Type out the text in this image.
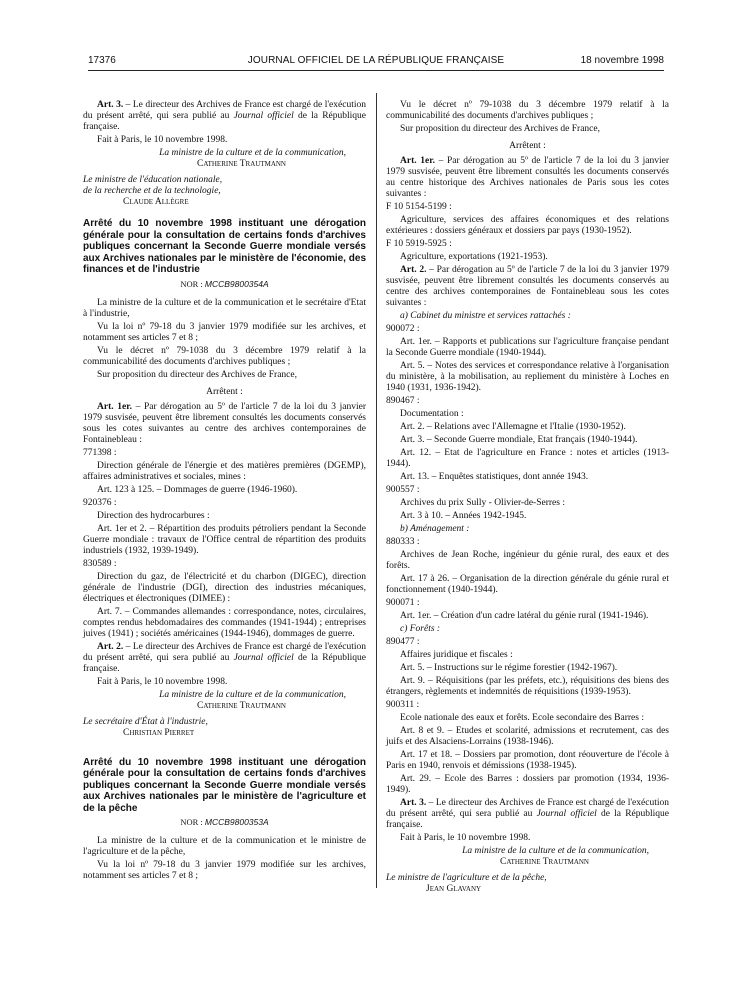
17376	JOURNAL OFFICIEL DE LA RÉPUBLIQUE FRANÇAISE	18 novembre 1998

Art. 3. – Le directeur des Archives de France est chargé de l'exécution du présent arrêté, qui sera publié au Journal officiel de la République française.

Fait à Paris, le 10 novembre 1998.

La ministre de la culture et de la communication,

Catherine Trautmann

Le ministre de l'éducation nationale,

de la recherche et de la technologie,

Claude Allègre

Arrêté du 10 novembre 1998 instituant une dérogation générale pour la consultation de certains fonds d'archives publiques concernant la Seconde Guerre mondiale versés aux Archives nationales par le ministère de l'économie, des finances et de l'industrie
NOR : MCCB9800354A

La ministre de la culture et de la communication et le secrétaire d'Etat à l'industrie,

Vu la loi nº 79-18 du 3 janvier 1979 modifiée sur les archives, et notamment ses articles 7 et 8 ;

Vu le décret nº 79-1038 du 3 décembre 1979 relatif à la communicabilité des documents d'archives publiques ;

Sur proposition du directeur des Archives de France,

Arrêtent :

Art. 1er. – Par dérogation au 5º de l'article 7 de la loi du 3 janvier 1979 susvisée, peuvent être librement consultés les documents conservés sous les cotes suivantes au centre des archives contemporaines de Fontainebleau :

771398 :

Direction générale de l'énergie et des matières premières (DGEMP), affaires administratives et sociales, mines :

Art. 123 à 125. – Dommages de guerre (1946-1960).

920376 :

Direction des hydrocarbures :

Art. 1er et 2. – Répartition des produits pétroliers pendant la Seconde Guerre mondiale : travaux de l'Office central de répartition des produits industriels (1932, 1939-1949).

830589 :

Direction du gaz, de l'électricité et du charbon (DIGEC), direction générale de l'industrie (DGI), direction des industries mécaniques, électriques et électroniques (DIMEE) :

Art. 7. – Commandes allemandes : correspondance, notes, circulaires, comptes rendus hebdomadaires des commandes (1941-1944) ; entreprises juives (1941) ; sociétés américaines (1944-1946), dommages de guerre.

Art. 2. – Le directeur des Archives de France est chargé de l'exécution du présent arrêté, qui sera publié au Journal officiel de la République française.

Fait à Paris, le 10 novembre 1998.

La ministre de la culture et de la communication,

Catherine Trautmann

Le secrétaire d'État à l'industrie,

Christian Pierret

Arrêté du 10 novembre 1998 instituant une dérogation générale pour la consultation de certains fonds d'archives publiques concernant la Seconde Guerre mondiale versés aux Archives nationales par le ministère de l'agriculture et de la pêche
NOR : MCCB9800353A

La ministre de la culture et de la communication et le ministre de l'agriculture et de la pêche,

Vu la loi nº 79-18 du 3 janvier 1979 modifiée sur les archives, notamment ses articles 7 et 8 ;

Vu le décret nº 79-1038 du 3 décembre 1979 relatif à la communicabilité des documents d'archives publiques ;

Sur proposition du directeur des Archives de France,

Arrêtent :

Art. 1er. – Par dérogation au 5º de l'article 7 de la loi du 3 janvier 1979 susvisée, peuvent être librement consultés les documents conservés au centre historique des Archives nationales de Paris sous les cotes suivantes :

F 10 5154-5199 :

Agriculture, services des affaires économiques et des relations extérieures : dossiers généraux et dossiers par pays (1930-1952).

F 10 5919-5925 :

Agriculture, exportations (1921-1953).

Art. 2. – Par dérogation au 5º de l'article 7 de la loi du 3 janvier 1979 susvisée, peuvent être librement consultés les documents conservés au centre des archives contemporaines de Fontainebleau sous les cotes suivantes :

a) Cabinet du ministre et services rattachés :

900072 :

Art. 1er. – Rapports et publications sur l'agriculture française pendant la Seconde Guerre mondiale (1940-1944).

Art. 5. – Notes des services et correspondance relative à l'organisation du ministère, à la mobilisation, au repliement du ministère à Loches en 1940 (1931, 1936-1942).

890467 :

Documentation :

Art. 2. – Relations avec l'Allemagne et l'Italie (1930-1952).

Art. 3. – Seconde Guerre mondiale, Etat français (1940-1944).

Art. 12. – Etat de l'agriculture en France : notes et articles (1913-1944).

Art. 13. – Enquêtes statistiques, dont année 1943.

900557 :

Archives du prix Sully - Olivier-de-Serres :

Art. 3 à 10. – Années 1942-1945.

b) Aménagement :

880333 :

Archives de Jean Roche, ingénieur du génie rural, des eaux et des forêts.

Art. 17 à 26. – Organisation de la direction générale du génie rural et fonctionnement (1940-1944).

900071 :

Art. 1er. – Création d'un cadre latéral du génie rural (1941-1946).

c) Forêts :

890477 :

Affaires juridique et fiscales :

Art. 5. – Instructions sur le régime forestier (1942-1967).

Art. 9. – Réquisitions (par les préfets, etc.), réquisitions des biens des étrangers, règlements et indemnités de réquisitions (1939-1953).

900311 :

Ecole nationale des eaux et forêts. Ecole secondaire des Barres :

Art. 8 et 9. – Etudes et scolarité, admissions et recrutement, cas des juifs et des Alsaciens-Lorrains (1938-1946).

Art. 17 et 18. – Dossiers par promotion, dont réouverture de l'école à Paris en 1940, renvois et démissions (1938-1945).

Art. 29. – Ecole des Barres : dossiers par promotion (1934, 1936-1949).

Art. 3. – Le directeur des Archives de France est chargé de l'exécution du présent arrêté, qui sera publié au Journal officiel de la République française.

Fait à Paris, le 10 novembre 1998.

La ministre de la culture et de la communication,

Catherine Trautmann

Le ministre de l'agriculture et de la pêche,

Jean Glavany
